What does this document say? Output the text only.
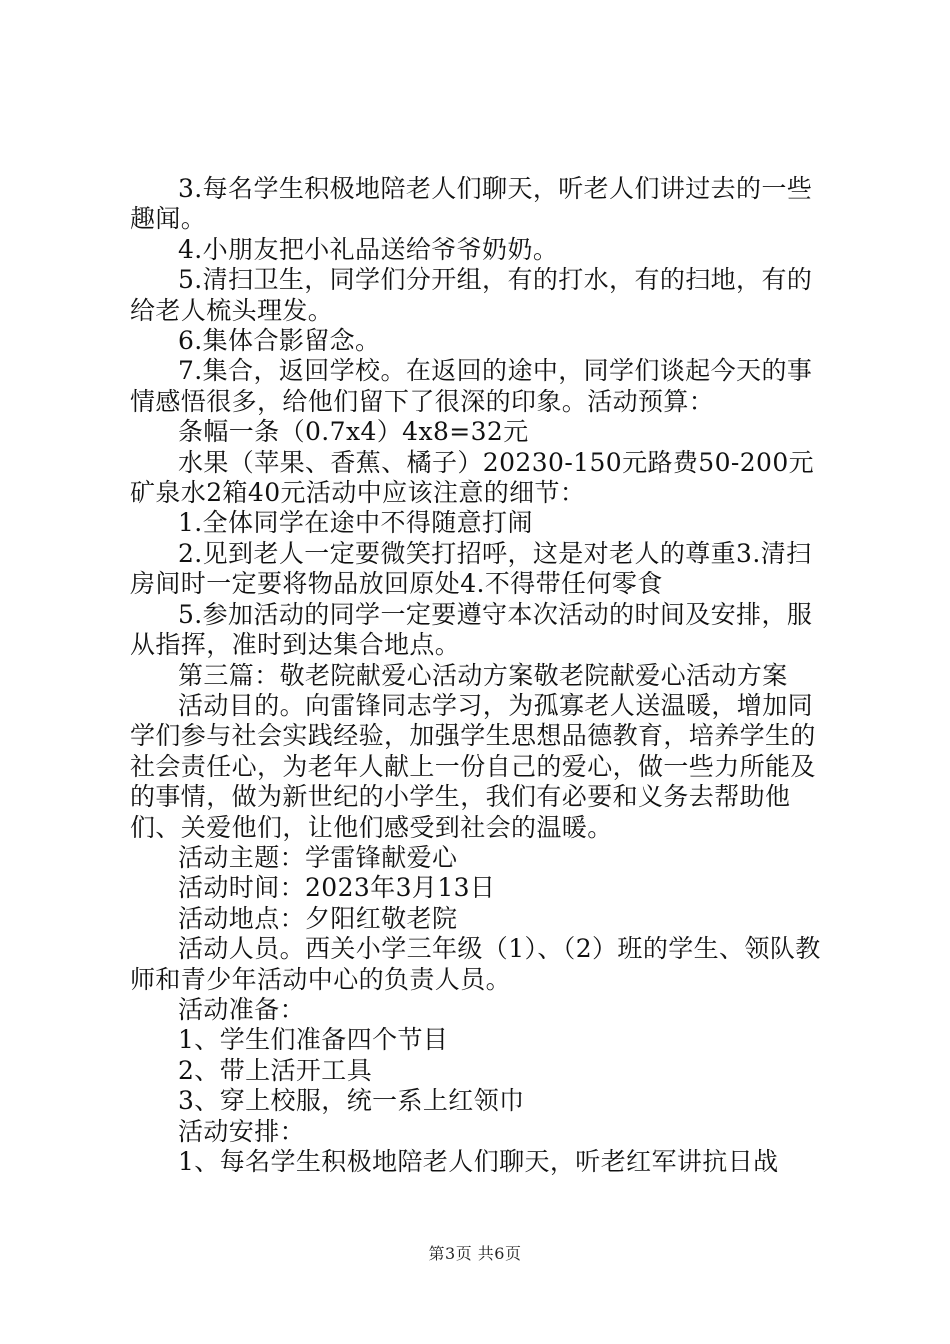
3.每名学生积极地陪老人们聊天，听老人们讲过去的一些趣闻。

4.小朋友把小礼品送给爷爷奶奶。

5.清扫卫生，同学们分开组，有的打水，有的扫地，有的给老人梳头理发。

6.集体合影留念。

7.集合，返回学校。在返回的途中，同学们谈起今天的事情感悟很多，给他们留下了很深的印象。活动预算：

条幅一条（0.7x4）4x8=32元

水果（苹果、香蕉、橘子）20230-150元路费50-200元矿泉水2箱40元活动中应该注意的细节：

1.全体同学在途中不得随意打闹

2.见到老人一定要微笑打招呼，这是对老人的尊重3.清扫房间时一定要将物品放回原处4.不得带任何零食

5.参加活动的同学一定要遵守本次活动的时间及安排，服从指挥，准时到达集合地点。

第三篇：敬老院献爱心活动方案敬老院献爱心活动方案

活动目的。向雷锋同志学习，为孤寡老人送温暖，增加同学们参与社会实践经验，加强学生思想品德教育，培养学生的社会责任心，为老年人献上一份自己的爱心，做一些力所能及的事情，做为新世纪的小学生，我们有必要和义务去帮助他们、关爱他们，让他们感受到社会的温暖。

活动主题：学雷锋献爱心

活动时间：2023年3月13日

活动地点：夕阳红敬老院

活动人员。西关小学三年级（1）、（2）班的学生、领队教师和青少年活动中心的负责人员。

活动准备：

1、学生们准备四个节目

2、带上活开工具

3、穿上校服，统一系上红领巾

活动安排：

1、每名学生积极地陪老人们聊天，听老红军讲抗日战

第3页 共6页
